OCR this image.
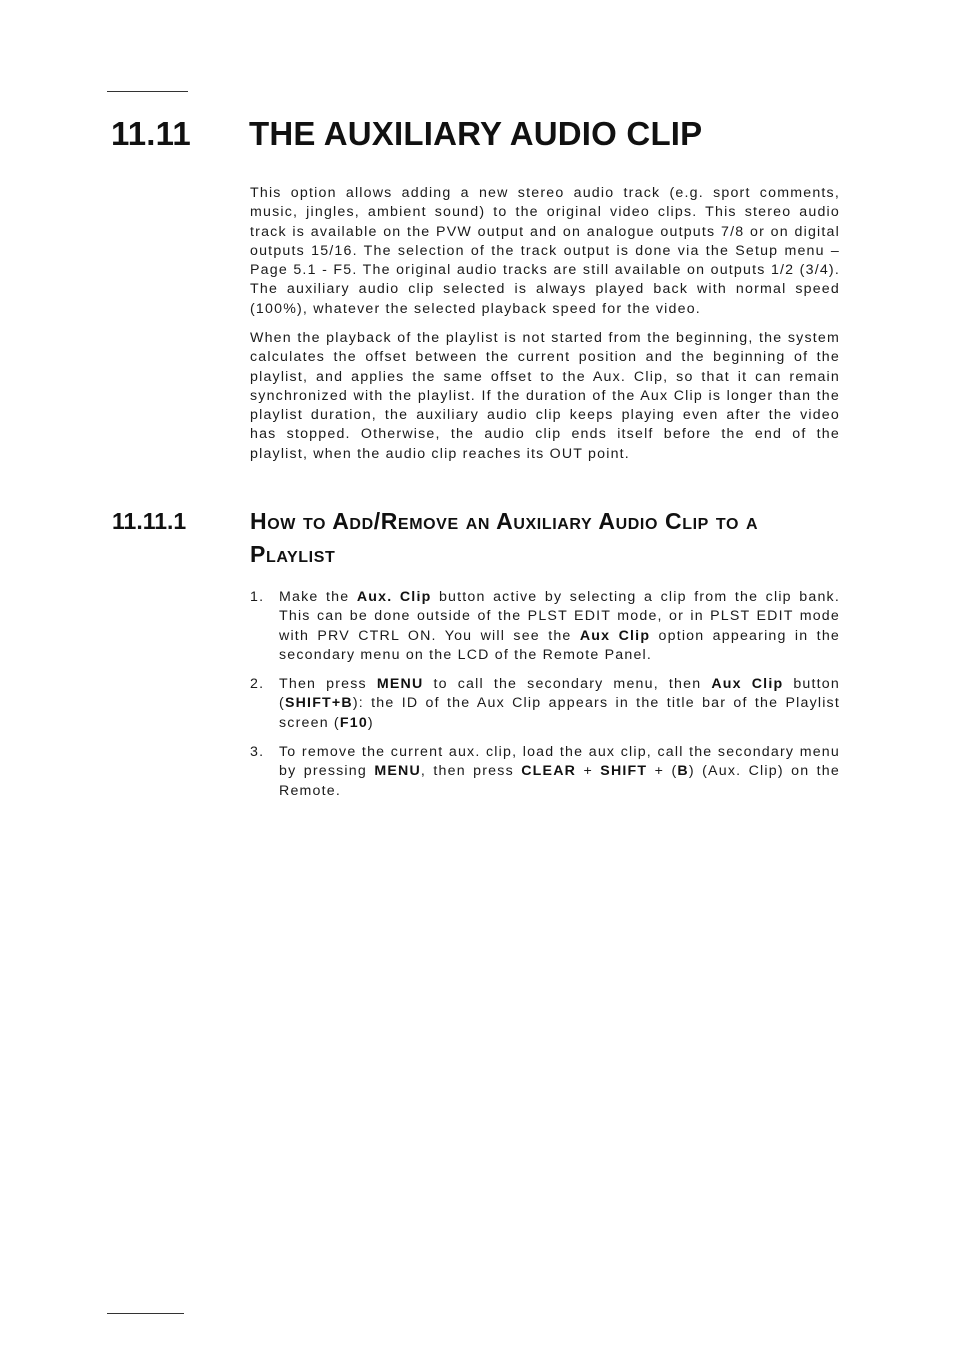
11.11 THE AUXILIARY AUDIO CLIP

This option allows adding a new stereo audio track (e.g. sport comments, music, jingles, ambient sound) to the original video clips. This stereo audio track is available on the PVW output and on analogue outputs 7/8 or on digital outputs 15/16. The selection of the track output is done via the Setup menu – Page 5.1 - F5. The original audio tracks are still available on outputs 1/2 (3/4). The auxiliary audio clip selected is always played back with normal speed (100%), whatever the selected playback speed for the video.

When the playback of the playlist is not started from the beginning, the system calculates the offset between the current position and the beginning of the playlist, and applies the same offset to the Aux. Clip, so that it can remain synchronized with the playlist. If the duration of the Aux Clip is longer than the playlist duration, the auxiliary audio clip keeps playing even after the video has stopped. Otherwise, the audio clip ends itself before the end of the playlist, when the audio clip reaches its OUT point.

11.11.1	How to Add/Remove an Auxiliary Audio Clip to a Playlist
1. Make the Aux. Clip button active by selecting a clip from the clip bank. This can be done outside of the PLST EDIT mode, or in PLST EDIT mode with PRV CTRL ON. You will see the Aux Clip option appearing in the secondary menu on the LCD of the Remote Panel.
2. Then press MENU to call the secondary menu, then Aux Clip button (SHIFT+B): the ID of the Aux Clip appears in the title bar of the Playlist screen (F10)
3. To remove the current aux. clip, load the aux clip, call the secondary menu by pressing MENU, then press CLEAR + SHIFT + (B) (Aux. Clip) on the Remote.
